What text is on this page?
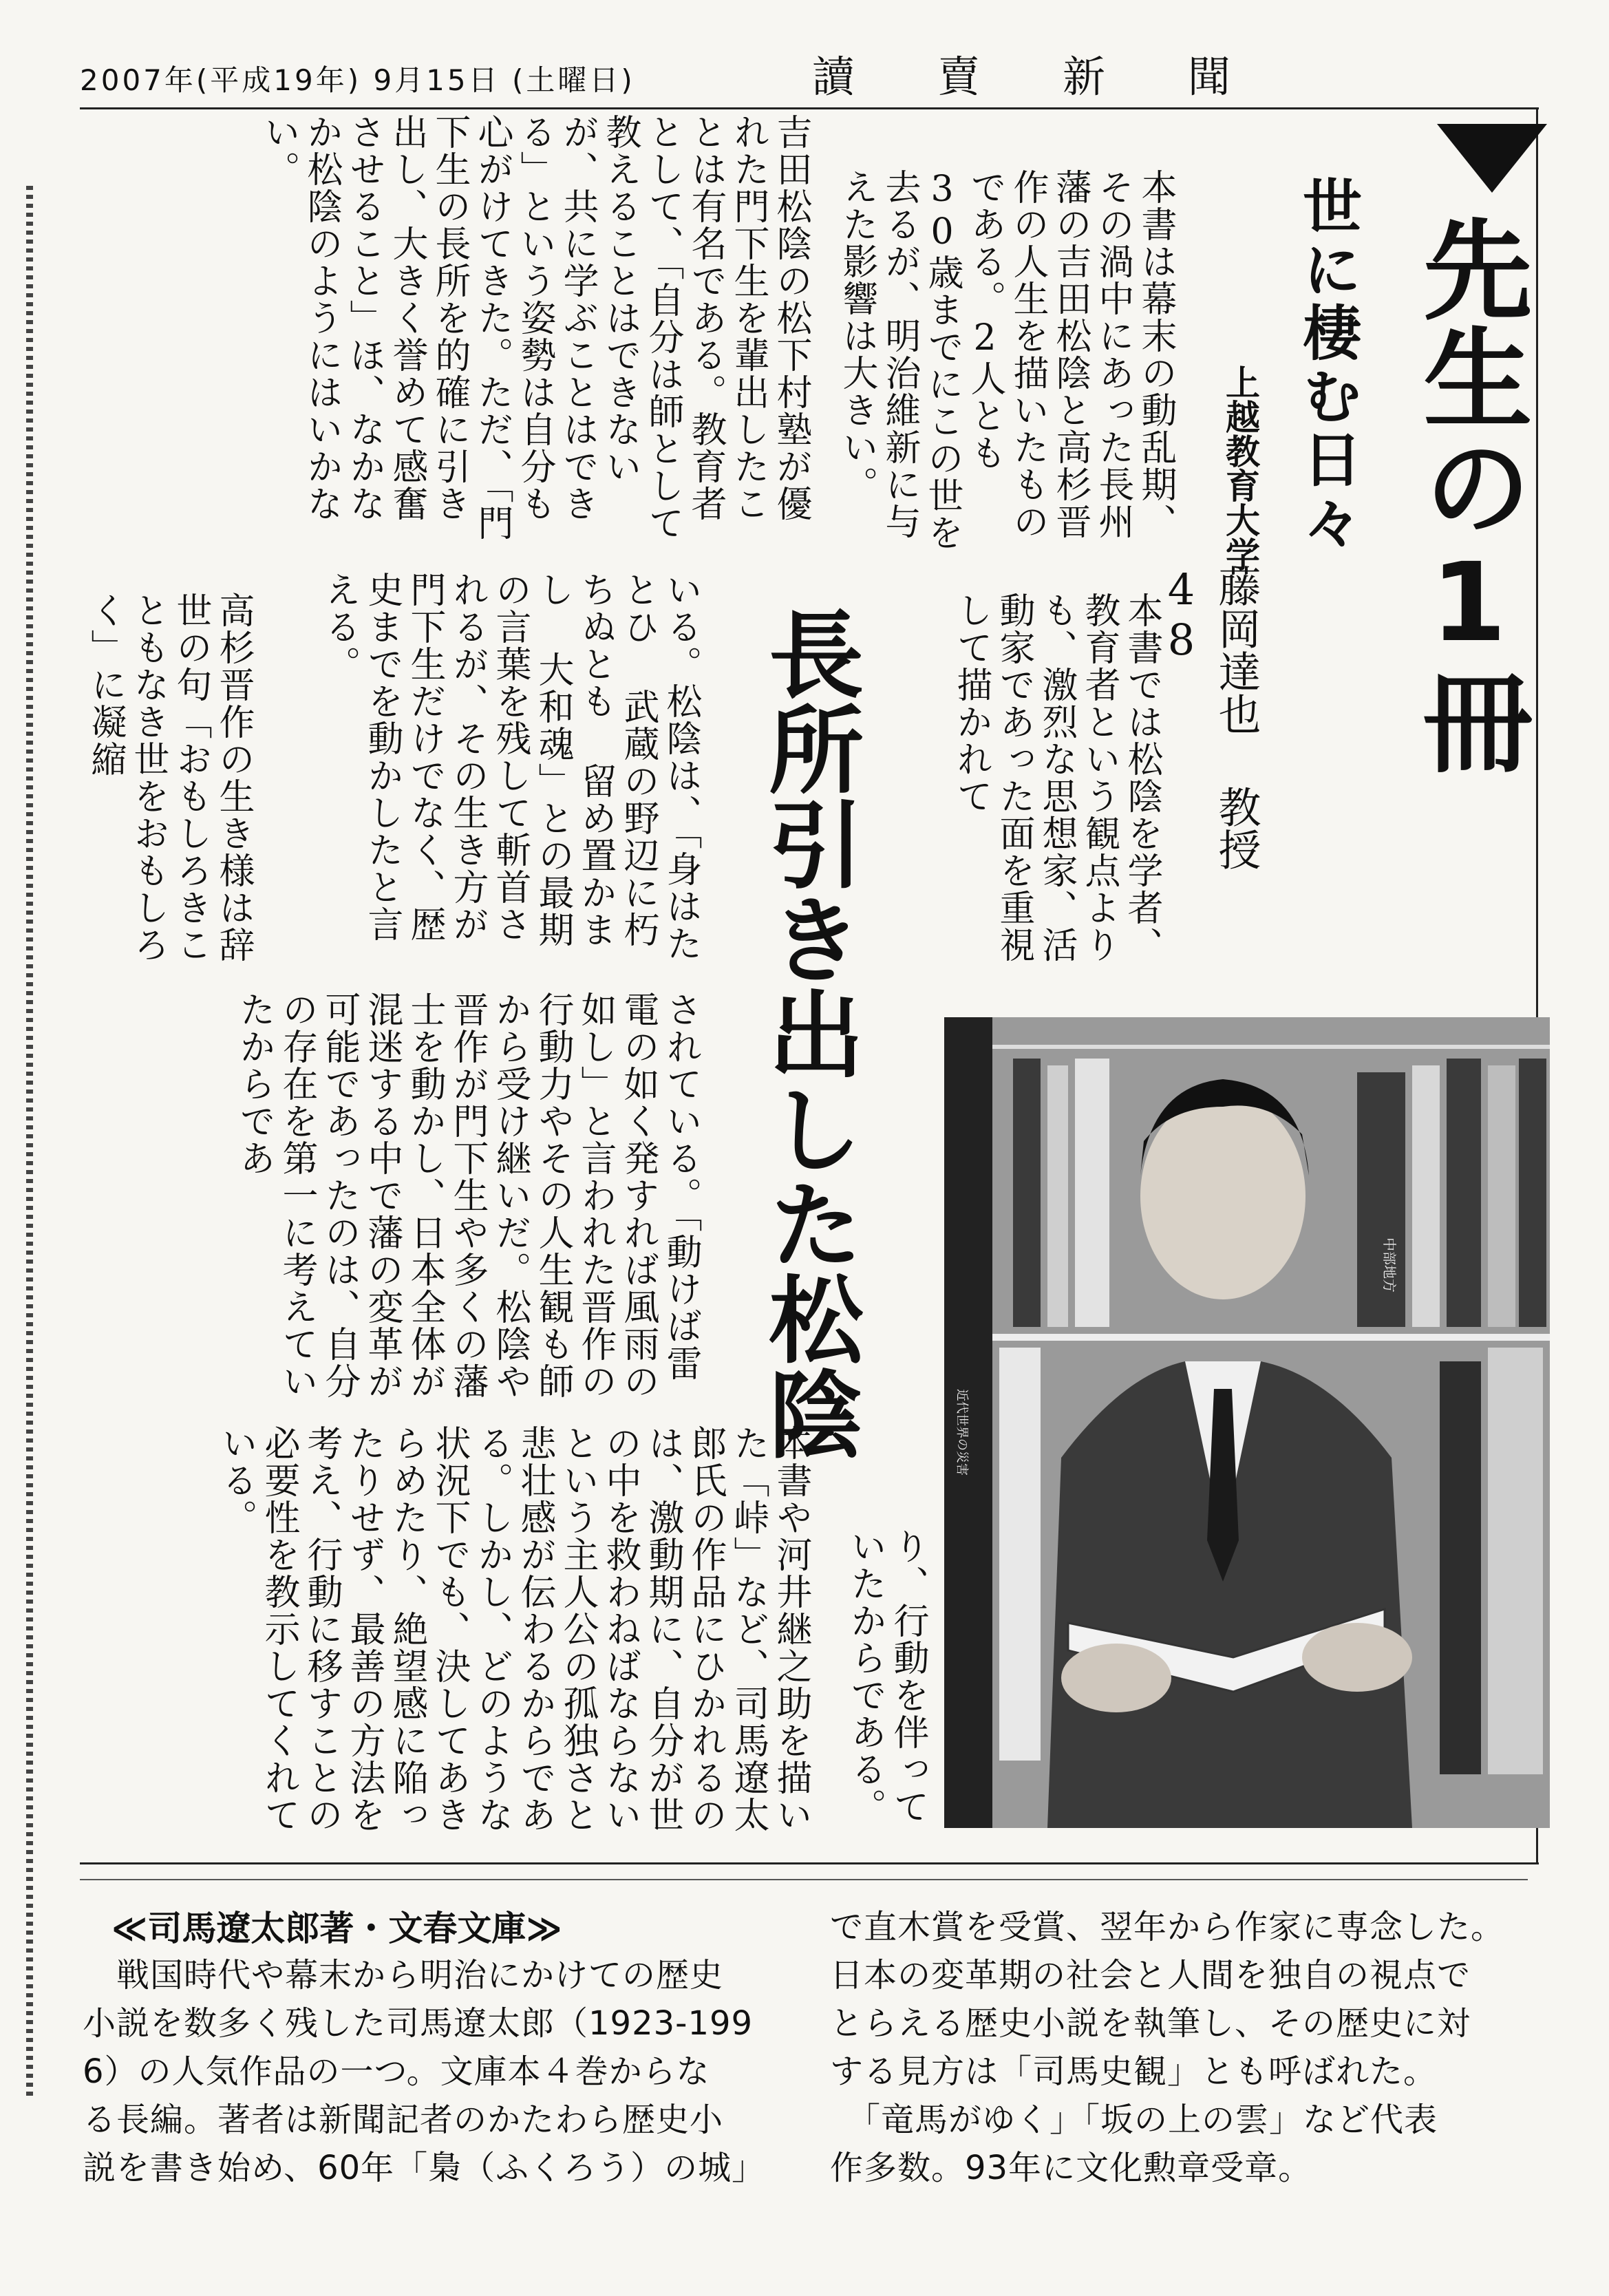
2007年(平成19年) 9月15日 (土曜日)	讀賣新聞
先生の1冊
世に棲む日々
上越教育大学
藤岡達也 教授 48
長所引き出した松陰	本書では松陰を学者、教育者という観点よりも、激烈な思想家、活動家であった面を重視して描かれて
本書は幕末の動乱期、その渦中にあった長州藩の吉田松陰と高杉晋作の人生を描いたものである。2人とも30歳までにこの世を去るが、明治維新に与えた影響は大きい。
吉田松陰の松下村塾が優れた門下生を輩出したことは有名である。教育者として、「自分は師として教えることはできないが、共に学ぶことはできる」という姿勢は自分も心がけてきた。ただ、「門下生の長所を的確に引き出し、大きく誉めて感奮させること」ほ、なかなか松陰のようにはいかない。
いる。松陰は、「身はたとひ 武蔵の野辺に朽ちぬとも 留め置かまし 大和魂」との最期の言葉を残して斬首されるが、その生き方が門下生だけでなく、歴史までを動かしたと言える。
高杉晋作の生き様は辞世の句「おもしろきこともなき世をおもしろく」に凝縮
されている。「動けば雷電の如く発すれば風雨の如し」と言われた晋作の行動力やその人生観も師から受け継いだ。松陰や晋作が門下生や多くの藩士を動かし、日本全体が混迷する中で藩の変革が可能であったのは、自分の存在を第一に考えていたからであ
り、行動を伴っていたからである。
本書や河井継之助を描いた「峠」など、司馬遼太郎氏の作品にひかれるのは、激動期に、自分が世の中を救わねばならないという主人公の孤独さと悲壮感が伝わるからである。しかし、どのような状況下でも、決してあきらめたり、絶望感に陥ったりせず、最善の方法を考え、行動に移すことの必要性を教示してくれている。
中部地方
近代世界の災害
≪司馬遼太郎著・文春文庫≫
　戦国時代や幕末から明治にかけての歴史
小説を数多く残した司馬遼太郎（1923-199
6）の人気作品の一つ。文庫本４巻からな
る長編。著者は新聞記者のかたわら歴史小
説を書き始め、60年「梟（ふくろう）の城」
で直木賞を受賞、翌年から作家に専念した。
日本の変革期の社会と人間を独自の視点で
とらえる歴史小説を執筆し、その歴史に対
する見方は「司馬史観」とも呼ばれた。
　「竜馬がゆく」「坂の上の雲」など代表
作多数。93年に文化勲章受章。
